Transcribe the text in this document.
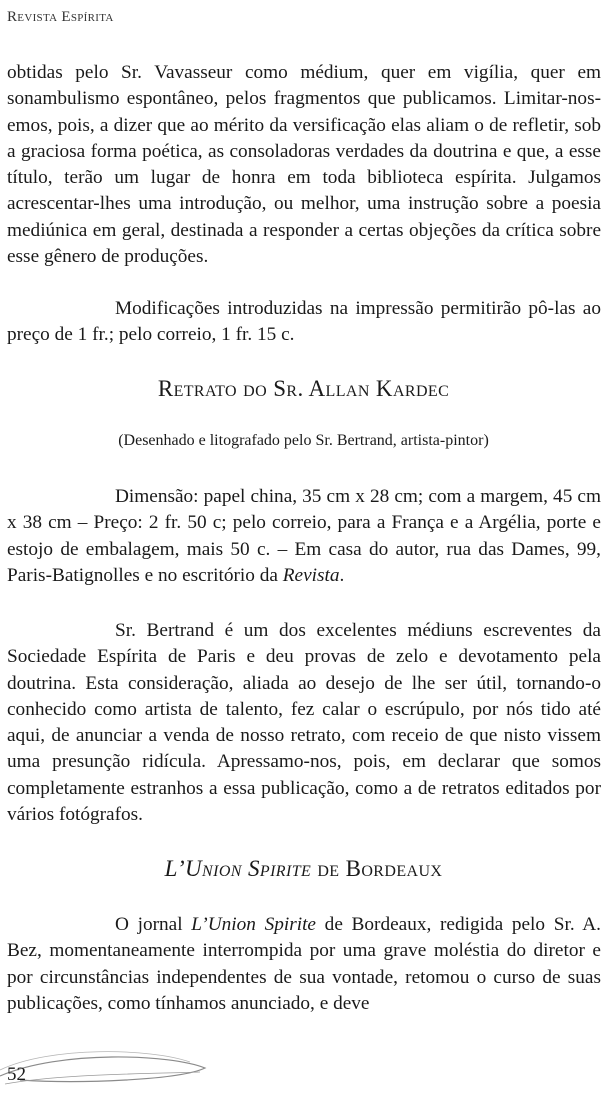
Revista Espírita

obtidas pelo Sr. Vavasseur como médium, quer em vigília, quer em sonambulismo espontâneo, pelos fragmentos que publicamos. Limitar-nos-emos, pois, a dizer que ao mérito da versificação elas aliam o de refletir, sob a graciosa forma poética, as consoladoras verdades da doutrina e que, a esse título, terão um lugar de honra em toda biblioteca espírita. Julgamos acrescentar-lhes uma introdução, ou melhor, uma instrução sobre a poesia mediúnica em geral, destinada a responder a certas objeções da crítica sobre esse gênero de produções.

Modificações introduzidas na impressão permitirão pô-las ao preço de 1 fr.; pelo correio, 1 fr. 15 c.

Retrato do Sr. Allan Kardec
(Desenhado e litografado pelo Sr. Bertrand, artista-pintor)

Dimensão: papel china, 35 cm x 28 cm; com a margem, 45 cm x 38 cm – Preço: 2 fr. 50 c; pelo correio, para a França e a Argélia, porte e estojo de embalagem, mais 50 c. – Em casa do autor, rua das Dames, 99, Paris-Batignolles e no escritório da Revista.

Sr. Bertrand é um dos excelentes médiuns escreventes da Sociedade Espírita de Paris e deu provas de zelo e devotamento pela doutrina. Esta consideração, aliada ao desejo de lhe ser útil, tornando-o conhecido como artista de talento, fez calar o escrúpulo, por nós tido até aqui, de anunciar a venda de nosso retrato, com receio de que nisto vissem uma presunção ridícula. Apressamo-nos, pois, em declarar que somos completamente estranhos a essa publicação, como a de retratos editados por vários fotógrafos.

L’Union Spirite de Bordeaux

O jornal L’Union Spirite de Bordeaux, redigida pelo Sr. A. Bez, momentaneamente interrompida por uma grave moléstia do diretor e por circunstâncias independentes de sua vontade, retomou o curso de suas publicações, como tínhamos anunciado, e deve

52
